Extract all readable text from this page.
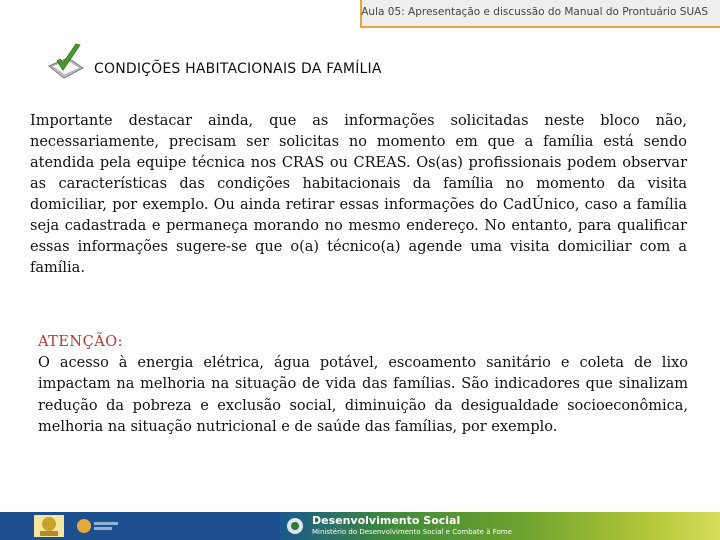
Aula 05: Apresentação e discussão do Manual do Prontuário SUAS
CONDIÇÕES HABITACIONAIS DA FAMÍLIA

Importante destacar ainda, que as informações solicitadas neste bloco não, necessariamente, precisam ser solicitas no momento em que a família está sendo atendida pela equipe técnica nos CRAS ou CREAS. Os(as) profissionais podem observar as características das condições habitacionais da família no momento da visita domiciliar, por exemplo. Ou ainda retirar essas informações do CadÚnico, caso a família seja cadastrada e permaneça morando no mesmo endereço. No entanto, para qualificar essas informações sugere-se que o(a) técnico(a) agende uma visita domiciliar com a família.

ATENÇÃO:

O acesso à energia elétrica, água potável, escoamento sanitário e coleta de lixo impactam na melhoria na situação de vida das famílias. São indicadores que sinalizam redução da pobreza e exclusão social, diminuição da desigualdade socioeconômica, melhoria na situação nutricional e de saúde das famílias, por exemplo.

Desenvolvimento Social
Ministério do Desenvolvimento Social e Combate à Fome
